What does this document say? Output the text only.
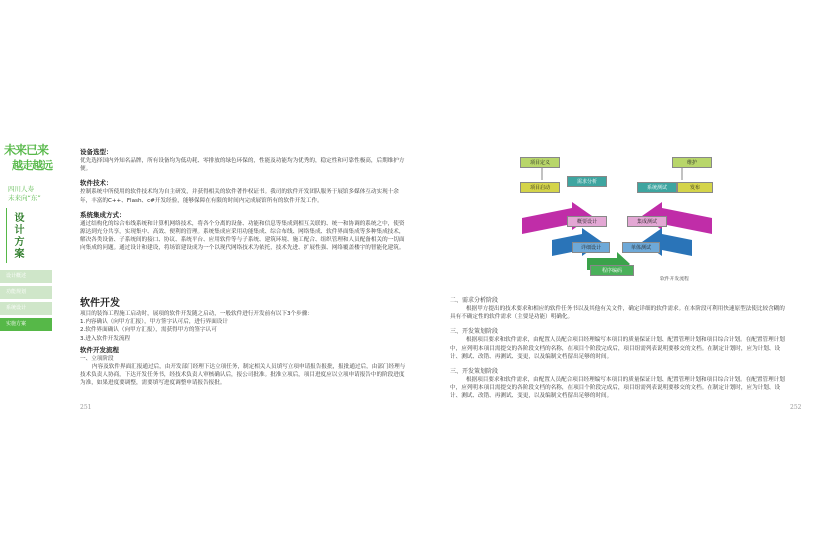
未来已来
越走越远
四川人寿
未来向“东”
设计方案
设计概述
功能规划
系统设计
实施方案
设备选型：
优先选择国内外知名品牌，所有设备均为低功耗、零排放的绿色环保的，性能及功能均为优秀的，稳定性和可靠性极高，后期维护方便。
软件技术：
控制系统中所使用的软件技术均为自主研发，并获得相关的软件著作权证书。我司的软件开发团队服务于展馆多媒体互动实现十余年，丰富的C++、Flash、c#开发经验，能够保障在有限的时间内完成展馆所有的软件开发工作。
系统集成方式：
通过结构化的综合布线系统和计算机网络技术，将各个分离的设备、功能和信息等集成到相互关联的、统一和协调的系统之中，使资源达到充分共享，实现集中、高效、便利的管理。系统集成应采用功能集成、综合布线、网络集成、软件界面集成等多种集成技术，解决各类设备、子系统间的接口、协议、系统平台、应用软件等与子系统、建筑环境、施工配合、组织管理和人员配备相关的一切面向集成的问题。通过设计和建设，将场馆建设成为一个以现代网络技术为依托，技术先进、扩展性强、网络覆盖楼宇的智能化建筑。
软件开发
项目的装饰工程施工启动时，展项的软件开发随之启动，一般软件进行开发前有以下3个步骤：
1.内容确认（向甲方汇报），甲方签字认可后，进行界面设计
2.软件界面确认（向甲方汇报），需获得甲方的签字认可
3.进入软件开发流程
软件开发流程
一、立项阶段
内容及软件界面汇报通过后，由开发部门经理下达立项任务，制定相关人员填写立项申请报告报批，报批通过后，由部门经理与技术负责人协商，下达开发任务书，经技术负责人审核确认后，报公司批准。批准立项后，项目进度应以立项申请报告中的阶段进度为准，如果进度要调整，需要填写进度调整申请报告报批。
251	252
项目定义
项目启动
需求分析
概要设计
详细设计
程序编码
单体测试
集成测试
系统测试	发布
维护
软件开发流程
二、需求分析阶段

根据甲方提出的技术要求和相应的软件任务书以及其他有关文件，确定详细的软件需求。在本阶段可利用快速原型法使比较含糊的具有不确定性的软件需求（主要是功能）明确化。

三、开发策划阶段

根据项目要求和软件需求，由配置人员配合项目经理编写本项目的质量保证计划、配置管理计划和项目综合计划。在配置管理计划中，应列明本项目需提交的各阶段文档的名称，在项目个阶段完成后，项目组需列表说明要移交的文档。在制定计划时，应为计划、设计、测试、改错、再测试、变更，以及编制文档留出足够的时间。

三、开发策划阶段

根据项目要求和软件需求，由配置人员配合项目经理编写本项目的质量保证计划、配置管理计划和项目综合计划。在配置管理计划中，应列明本项目需提交的各阶段文档的名称，在项目个阶段完成后，项目组需列表说明要移交的文档。在制定计划时，应为计划、设计、测试、改错、再测试、变更，以及编制文档留出足够的时间。
